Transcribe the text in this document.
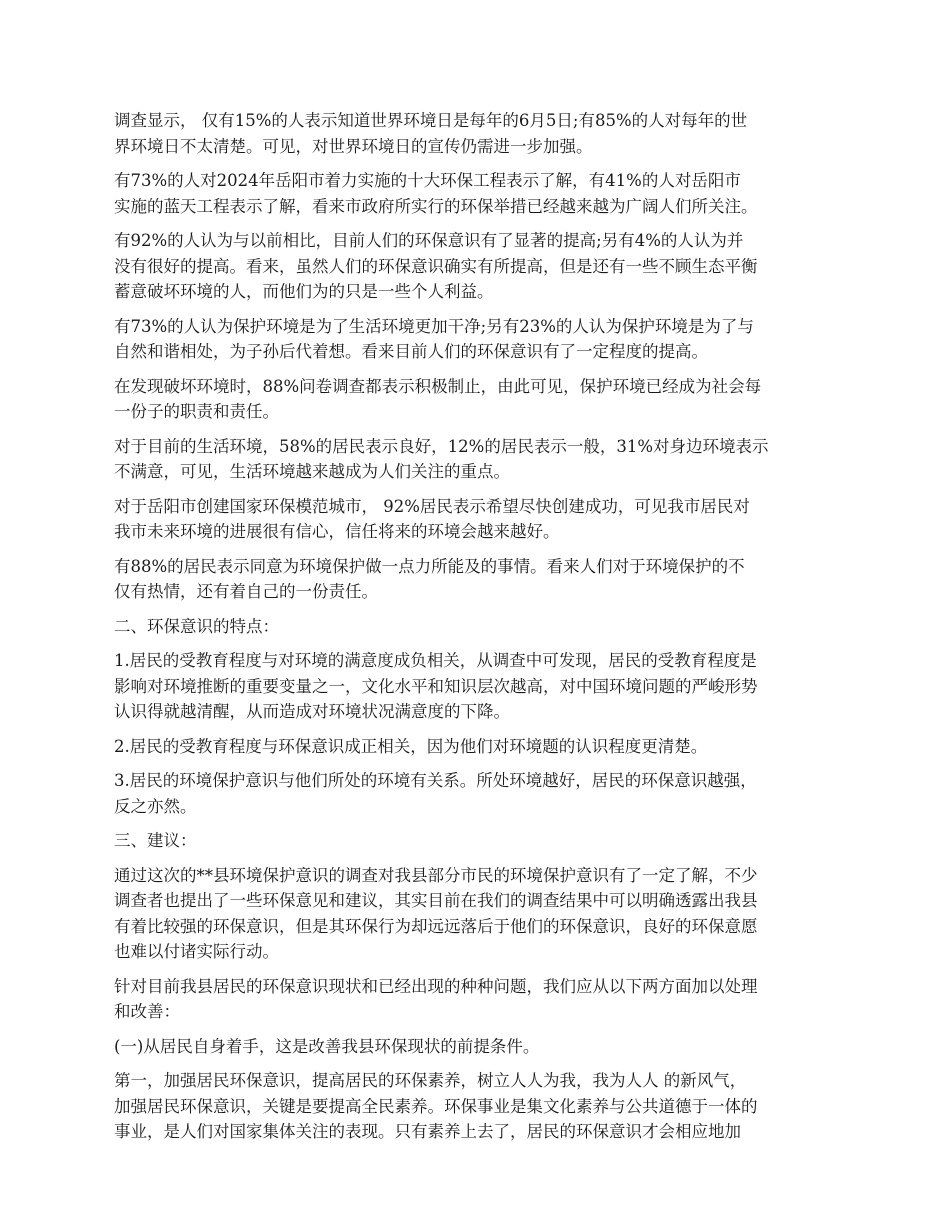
调查显示， 仅有15%的人表示知道世界环境日是每年的6月5日;有85%的人对每年的世
界环境日不太清楚。可见，对世界环境日的宣传仍需进一步加强。

有73%的人对2024年岳阳市着力实施的十大环保工程表示了解，有41%的人对岳阳市
实施的蓝天工程表示了解，看来市政府所实行的环保举措已经越来越为广阔人们所关注。

有92%的人认为与以前相比，目前人们的环保意识有了显著的提高;另有4%的人认为并
没有很好的提高。看来，虽然人们的环保意识确实有所提高，但是还有一些不顾生态平衡
蓄意破坏环境的人，而他们为的只是一些个人利益。

有73%的人认为保护环境是为了生活环境更加干净;另有23%的人认为保护环境是为了与
自然和谐相处，为子孙后代着想。看来目前人们的环保意识有了一定程度的提高。

在发现破坏环境时，88%问卷调查都表示积极制止，由此可见，保护环境已经成为社会每
一份子的职责和责任。

对于目前的生活环境，58%的居民表示良好，12%的居民表示一般，31%对身边环境表示
不满意，可见，生活环境越来越成为人们关注的重点。

对于岳阳市创建国家环保模范城市， 92%居民表示希望尽快创建成功，可见我市居民对
我市未来环境的进展很有信心，信任将来的环境会越来越好。

有88%的居民表示同意为环境保护做一点力所能及的事情。看来人们对于环境保护的不
仅有热情，还有着自己的一份责任。

二、环保意识的特点：

1.居民的受教育程度与对环境的满意度成负相关，从调查中可发现，居民的受教育程度是
影响对环境推断的重要变量之一，文化水平和知识层次越高，对中国环境问题的严峻形势
认识得就越清醒，从而造成对环境状况满意度的下降。

2.居民的受教育程度与环保意识成正相关，因为他们对环境题的认识程度更清楚。

3.居民的环境保护意识与他们所处的环境有关系。所处环境越好，居民的环保意识越强，
反之亦然。

三、建议：

通过这次的**县环境保护意识的调查对我县部分市民的环境保护意识有了一定了解，不少
调查者也提出了一些环保意见和建议，其实目前在我们的调查结果中可以明确透露出我县
有着比较强的环保意识，但是其环保行为却远远落后于他们的环保意识，良好的环保意愿
也难以付诸实际行动。

针对目前我县居民的环保意识现状和已经出现的种种问题，我们应从以下两方面加以处理
和改善：

(一)从居民自身着手，这是改善我县环保现状的前提条件。

第一，加强居民环保意识，提高居民的环保素养，树立人人为我，我为人人 的新风气，
加强居民环保意识，关键是要提高全民素养。环保事业是集文化素养与公共道德于一体的
事业，是人们对国家集体关注的表现。只有素养上去了，居民的环保意识才会相应地加
